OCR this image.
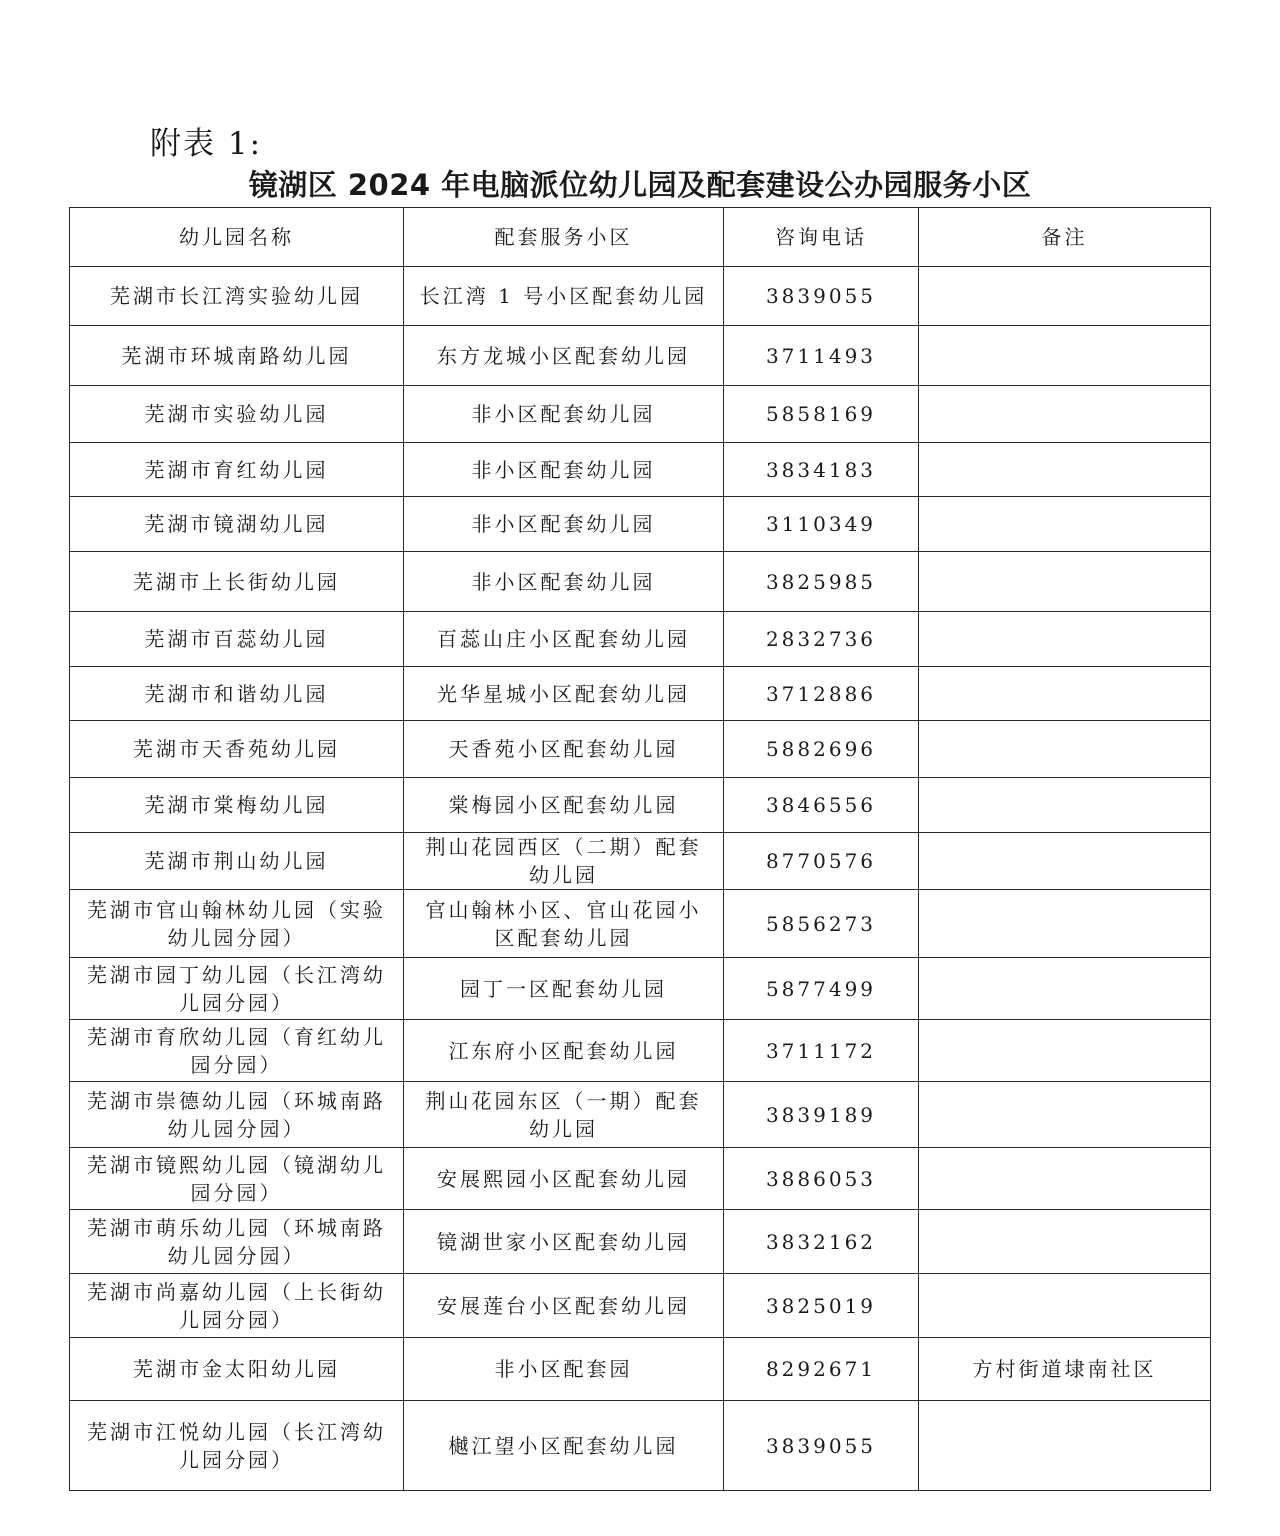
附表 1:
镜湖区 2024 年电脑派位幼儿园及配套建设公办园服务小区
幼儿园名称	配套服务小区	咨询电话	备注
芜湖市长江湾实验幼儿园	长江湾 1 号小区配套幼儿园	3839055	
芜湖市环城南路幼儿园	东方龙城小区配套幼儿园	3711493	
芜湖市实验幼儿园	非小区配套幼儿园	5858169	
芜湖市育红幼儿园	非小区配套幼儿园	3834183	
芜湖市镜湖幼儿园	非小区配套幼儿园	3110349	
芜湖市上长街幼儿园	非小区配套幼儿园	3825985	
芜湖市百蕊幼儿园	百蕊山庄小区配套幼儿园	2832736	
芜湖市和谐幼儿园	光华星城小区配套幼儿园	3712886	
芜湖市天香苑幼儿园	天香苑小区配套幼儿园	5882696	
芜湖市棠梅幼儿园	棠梅园小区配套幼儿园	3846556	
芜湖市荆山幼儿园	荆山花园西区（二期）配套幼儿园	8770576	
芜湖市官山翰林幼儿园（实验幼儿园分园）	官山翰林小区、官山花园小区配套幼儿园	5856273	
芜湖市园丁幼儿园（长江湾幼儿园分园）	园丁一区配套幼儿园	5877499	
芜湖市育欣幼儿园（育红幼儿园分园）	江东府小区配套幼儿园	3711172	
芜湖市崇德幼儿园（环城南路幼儿园分园）	荆山花园东区（一期）配套幼儿园	3839189	
芜湖市镜熙幼儿园（镜湖幼儿园分园）	安展熙园小区配套幼儿园	3886053	
芜湖市萌乐幼儿园（环城南路幼儿园分园）	镜湖世家小区配套幼儿园	3832162	
芜湖市尚嘉幼儿园（上长街幼儿园分园）	安展莲台小区配套幼儿园	3825019	
芜湖市金太阳幼儿园	非小区配套园	8292671	方村街道埭南社区
芜湖市江悦幼儿园（长江湾幼儿园分园）	樾江望小区配套幼儿园	3839055	
